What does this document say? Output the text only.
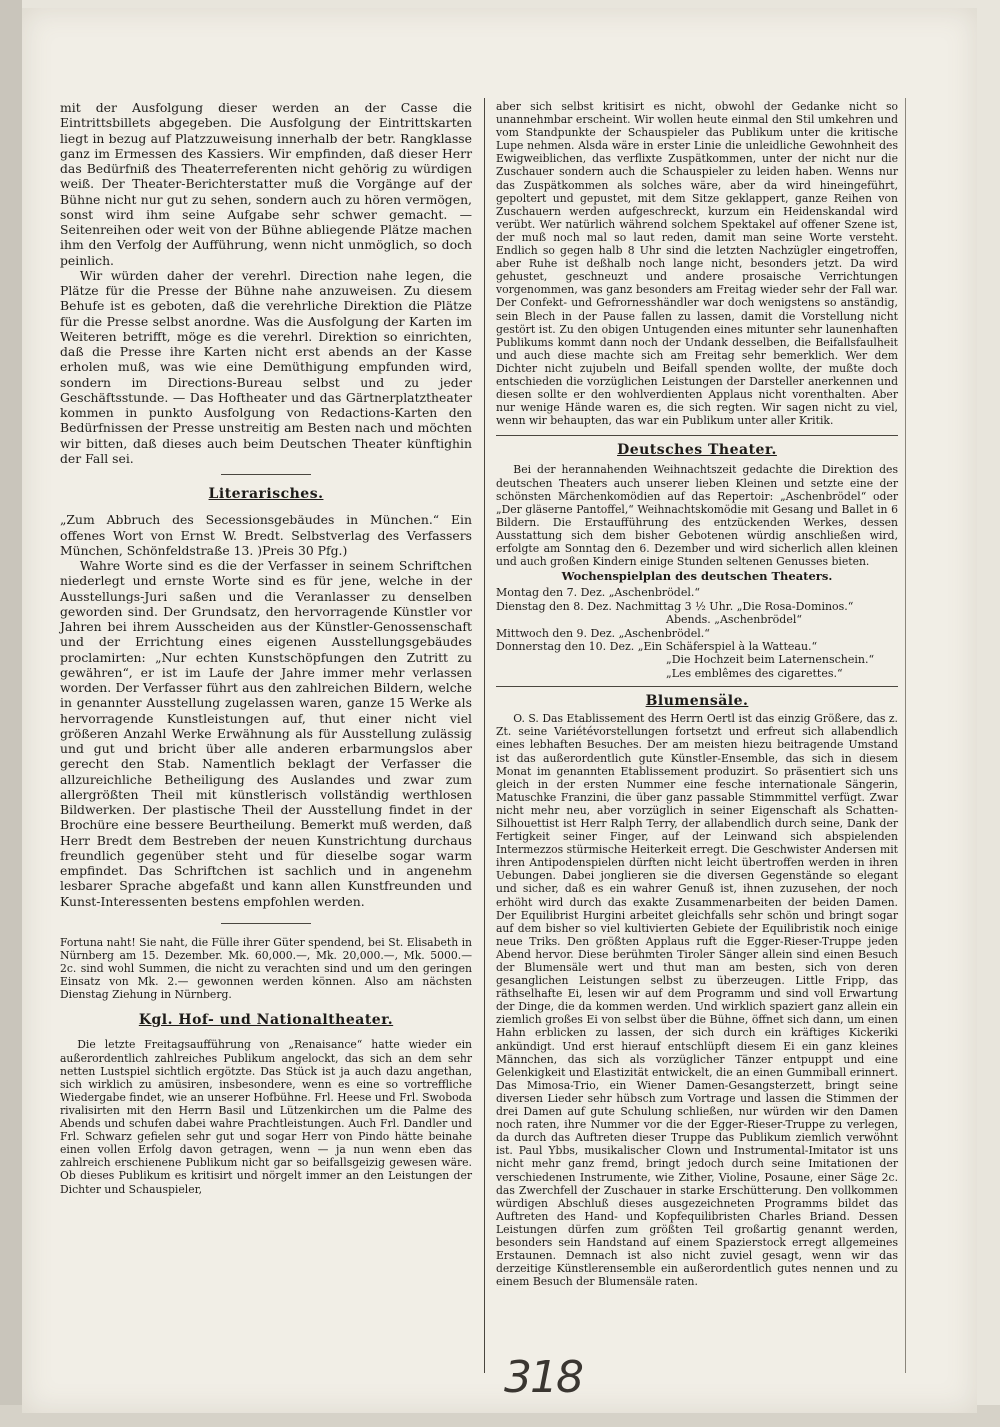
mit der Ausfolgung dieser werden an der Casse die Eintrittsbillets abgegeben. Die Ausfolgung der Eintrittskarten liegt in bezug auf Platzzuweisung innerhalb der betr. Rangklasse ganz im Ermessen des Kassiers. Wir empfinden, daß dieser Herr das Bedürfniß des Theaterreferenten nicht gehörig zu würdigen weiß. Der Theater-Berichterstatter muß die Vorgänge auf der Bühne nicht nur gut zu sehen, sondern auch zu hören vermögen, sonst wird ihm seine Aufgabe sehr schwer gemacht. — Seitenreihen oder weit von der Bühne abliegende Plätze machen ihm den Verfolg der Aufführung, wenn nicht unmöglich, so doch peinlich.

Wir würden daher der verehrl. Direction nahe legen, die Plätze für die Presse der Bühne nahe anzuweisen. Zu diesem Behufe ist es geboten, daß die verehrliche Direktion die Plätze für die Presse selbst anordne. Was die Ausfolgung der Karten im Weiteren betrifft, möge es die verehrl. Direktion so einrichten, daß die Presse ihre Karten nicht erst abends an der Kasse erholen muß, was wie eine Demüthigung empfunden wird, sondern im Directions-Bureau selbst und zu jeder Geschäftsstunde. — Das Hoftheater und das Gärtnerplatztheater kommen in punkto Ausfolgung von Redactions-Karten den Bedürfnissen der Presse unstreitig am Besten nach und möchten wir bitten, daß dieses auch beim Deutschen Theater künftighin der Fall sei.

Literarisches.

„Zum Abbruch des Secessionsgebäudes in München.“ Ein offenes Wort von Ernst W. Bredt. Selbstverlag des Verfassers München, Schönfeldstraße 13. )Preis 30 Pfg.)

Wahre Worte sind es die der Verfasser in seinem Schriftchen niederlegt und ernste Worte sind es für jene, welche in der Ausstellungs-Juri saßen und die Veranlasser zu denselben geworden sind. Der Grundsatz, den hervorragende Künstler vor Jahren bei ihrem Ausscheiden aus der Künstler-Genossenschaft und der Errichtung eines eigenen Ausstellungsgebäudes proclamirten: „Nur echten Kunstschöpfungen den Zutritt zu gewähren“, er ist im Laufe der Jahre immer mehr verlassen worden. Der Verfasser führt aus den zahlreichen Bildern, welche in genannter Ausstellung zugelassen waren, ganze 15 Werke als hervorragende Kunstleistungen auf, thut einer nicht viel größeren Anzahl Werke Erwähnung als für Ausstellung zulässig und gut und bricht über alle anderen erbarmungslos aber gerecht den Stab. Namentlich beklagt der Verfasser die allzureichliche Betheiligung des Auslandes und zwar zum allergrößten Theil mit künstlerisch vollständig werthlosen Bildwerken. Der plastische Theil der Ausstellung findet in der Brochüre eine bessere Beurtheilung. Bemerkt muß werden, daß Herr Bredt dem Bestreben der neuen Kunstrichtung durchaus freundlich gegenüber steht und für dieselbe sogar warm empfindet. Das Schriftchen ist sachlich und in angenehm lesbarer Sprache abgefaßt und kann allen Kunstfreunden und Kunst-Interessenten bestens empfohlen werden.

Fortuna naht! Sie naht, die Fülle ihrer Güter spendend, bei St. Elisabeth in Nürnberg am 15. Dezember. Mk. 60,000.—, Mk. 20,000.—, Mk. 5000.— 2c. sind wohl Summen, die nicht zu verachten sind und um den geringen Einsatz von Mk. 2.— gewonnen werden können. Also am nächsten Dienstag Ziehung in Nürnberg.

Kgl. Hof- und Nationaltheater.

Die letzte Freitagsaufführung von „Renaisance“ hatte wieder ein außerordentlich zahlreiches Publikum angelockt, das sich an dem sehr netten Lustspiel sichtlich ergötzte. Das Stück ist ja auch dazu angethan, sich wirklich zu amüsiren, insbesondere, wenn es eine so vortreffliche Wiedergabe findet, wie an unserer Hofbühne. Frl. Heese und Frl. Swoboda rivalisirten mit den Herrn Basil und Lützenkirchen um die Palme des Abends und schufen dabei wahre Prachtleistungen. Auch Frl. Dandler und Frl. Schwarz gefielen sehr gut und sogar Herr von Pindo hätte beinahe einen vollen Erfolg davon getragen, wenn — ja nun wenn eben das zahlreich erschienene Publikum nicht gar so beifallsgeizig gewesen wäre. Ob dieses Publikum es kritisirt und nörgelt immer an den Leistungen der Dichter und Schauspieler,

aber sich selbst kritisirt es nicht, obwohl der Gedanke nicht so unannehmbar erscheint. Wir wollen heute einmal den Stil umkehren und vom Standpunkte der Schauspieler das Publikum unter die kritische Lupe nehmen. Alsda wäre in erster Linie die unleidliche Gewohnheit des Ewigweiblichen, das verflixte Zuspätkommen, unter der nicht nur die Zuschauer sondern auch die Schauspieler zu leiden haben. Wenns nur das Zuspätkommen als solches wäre, aber da wird hineingeführt, gepoltert und gepustet, mit dem Sitze geklappert, ganze Reihen von Zuschauern werden aufgeschreckt, kurzum ein Heidenskandal wird verübt. Wer natürlich während solchem Spektakel auf offener Szene ist, der muß noch mal so laut reden, damit man seine Worte versteht. Endlich so gegen halb 8 Uhr sind die letzten Nachzügler eingetroffen, aber Ruhe ist deßhalb noch lange nicht, besonders jetzt. Da wird gehustet, geschneuzt und andere prosaische Verrichtungen vorgenommen, was ganz besonders am Freitag wieder sehr der Fall war. Der Confekt- und Gefrornesshändler war doch wenigstens so anständig, sein Blech in der Pause fallen zu lassen, damit die Vorstellung nicht gestört ist. Zu den obigen Untugenden eines mitunter sehr launenhaften Publikums kommt dann noch der Undank desselben, die Beifallsfaulheit und auch diese machte sich am Freitag sehr bemerklich. Wer dem Dichter nicht zujubeln und Beifall spenden wollte, der mußte doch entschieden die vorzüglichen Leistungen der Darsteller anerkennen und diesen sollte er den wohlverdienten Applaus nicht vorenthalten. Aber nur wenige Hände waren es, die sich regten. Wir sagen nicht zu viel, wenn wir behaupten, das war ein Publikum unter aller Kritik.

Deutsches Theater.

Bei der herannahenden Weihnachtszeit gedachte die Direktion des deutschen Theaters auch unserer lieben Kleinen und setzte eine der schönsten Märchenkomödien auf das Repertoir: „Aschenbrödel“ oder „Der gläserne Pantoffel,“ Weihnachtskomödie mit Gesang und Ballet in 6 Bildern. Die Erstaufführung des entzückenden Werkes, dessen Ausstattung sich dem bisher Gebotenen würdig anschließen wird, erfolgte am Sonntag den 6. Dezember und wird sicherlich allen kleinen und auch großen Kindern einige Stunden seltenen Genusses bieten.

Wochenspielplan des deutschen Theaters.
Montag den 7. Dez. „Aschenbrödel.“
Dienstag den 8. Dez. Nachmittag 3 ½ Uhr. „Die Rosa-Dominos.“
Abends. „Aschenbrödel“
Mittwoch den 9. Dez. „Aschenbrödel.“
Donnerstag den 10. Dez. „Ein Schäferspiel à la Watteau.“
„Die Hochzeit beim Laternenschein.“
„Les emblêmes des cigarettes.“
Blumensäle.

O. S. Das Etablissement des Herrn Oertl ist das einzig Größere, das z. Zt. seine Variétévorstellungen fortsetzt und erfreut sich allabendlich eines lebhaften Besuches. Der am meisten hiezu beitragende Umstand ist das außerordentlich gute Künstler-Ensemble, das sich in diesem Monat im genannten Etablissement produzirt. So präsentiert sich uns gleich in der ersten Nummer eine fesche internationale Sängerin, Matuschke Franzini, die über ganz passable Stimmmittel verfügt. Zwar nicht mehr neu, aber vorzüglich in seiner Eigenschaft als Schatten-Silhouettist ist Herr Ralph Terry, der allabendlich durch seine, Dank der Fertigkeit seiner Finger, auf der Leinwand sich abspielenden Intermezzos stürmische Heiterkeit erregt. Die Geschwister Andersen mit ihren Antipodenspielen dürften nicht leicht übertroffen werden in ihren Uebungen. Dabei jonglieren sie die diversen Gegenstände so elegant und sicher, daß es ein wahrer Genuß ist, ihnen zuzusehen, der noch erhöht wird durch das exakte Zusammenarbeiten der beiden Damen. Der Equilibrist Hurgini arbeitet gleichfalls sehr schön und bringt sogar auf dem bisher so viel kultivierten Gebiete der Equilibristik noch einige neue Triks. Den größten Applaus ruft die Egger-Rieser-Truppe jeden Abend hervor. Diese berühmten Tiroler Sänger allein sind einen Besuch der Blumensäle wert und thut man am besten, sich von deren gesanglichen Leistungen selbst zu überzeugen. Little Fripp, das räthselhafte Ei, lesen wir auf dem Programm und sind voll Erwartung der Dinge, die da kommen werden. Und wirklich spaziert ganz allein ein ziemlich großes Ei von selbst über die Bühne, öffnet sich dann, um einen Hahn erblicken zu lassen, der sich durch ein kräftiges Kickeriki ankündigt. Und erst hierauf entschlüpft diesem Ei ein ganz kleines Männchen, das sich als vorzüglicher Tänzer entpuppt und eine Gelenkigkeit und Elastizität entwickelt, die an einen Gummiball erinnert. Das Mimosa-Trio, ein Wiener Damen-Gesangsterzett, bringt seine diversen Lieder sehr hübsch zum Vortrage und lassen die Stimmen der drei Damen auf gute Schulung schließen, nur würden wir den Damen noch raten, ihre Nummer vor die der Egger-Rieser-Truppe zu verlegen, da durch das Auftreten dieser Truppe das Publikum ziemlich verwöhnt ist. Paul Ybbs, musikalischer Clown und Instrumental-Imitator ist uns nicht mehr ganz fremd, bringt jedoch durch seine Imitationen der verschiedenen Instrumente, wie Zither, Violine, Posaune, einer Säge 2c. das Zwerchfell der Zuschauer in starke Erschütterung. Den vollkommen würdigen Abschluß dieses ausgezeichneten Programms bildet das Auftreten des Hand- und Kopfequilibristen Charles Briand. Dessen Leistungen dürfen zum größten Teil großartig genannt werden, besonders sein Handstand auf einem Spazierstock erregt allgemeines Erstaunen. Demnach ist also nicht zuviel gesagt, wenn wir das derzeitige Künstlerensemble ein außerordentlich gutes nennen und zu einem Besuch der Blumensäle raten.

318
